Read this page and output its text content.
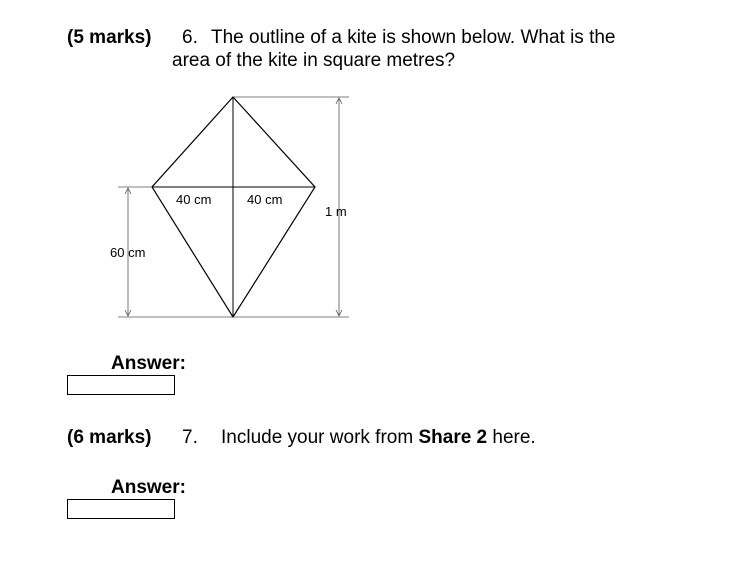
(5 marks) 6. The outline of a kite is shown below. What is the
area of the kite in square metres?
40 cm	40 cm
60 cm
1 m
Answer:
(6 marks) 7. Include your work from Share 2 here.
Answer:
